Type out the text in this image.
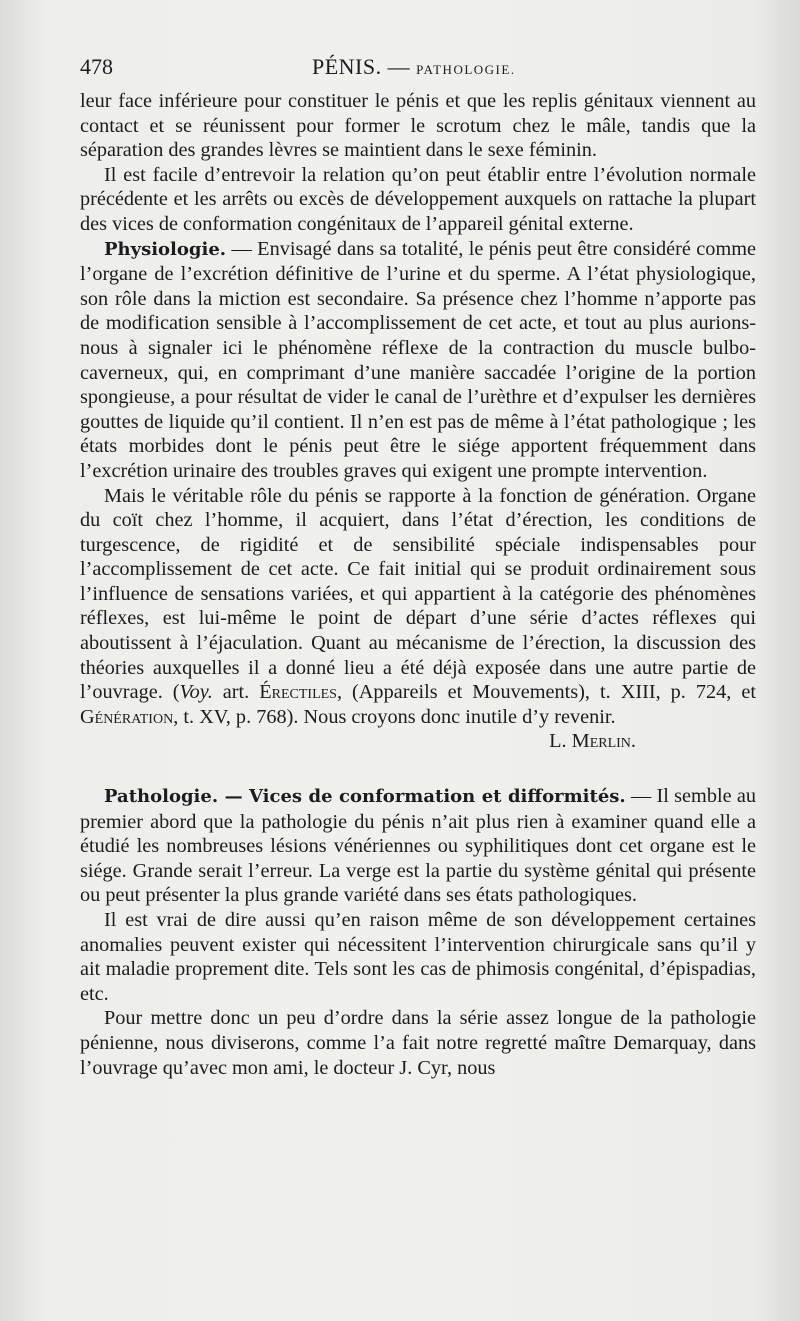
478	PÉNIS. — PATHOLOGIE.

leur face inférieure pour constituer le pénis et que les replis génitaux viennent au contact et se réunissent pour former le scrotum chez le mâle, tandis que la séparation des grandes lèvres se maintient dans le sexe féminin.

Il est facile d’entrevoir la relation qu’on peut établir entre l’évolution normale précédente et les arrêts ou excès de développement auxquels on rattache la plupart des vices de conformation congénitaux de l’appareil génital externe.

Physiologie. — Envisagé dans sa totalité, le pénis peut être considéré comme l’organe de l’excrétion définitive de l’urine et du sperme. A l’état physiologique, son rôle dans la miction est secondaire. Sa présence chez l’homme n’apporte pas de modification sensible à l’accomplissement de cet acte, et tout au plus aurions-nous à signaler ici le phénomène réflexe de la contraction du muscle bulbo-caverneux, qui, en comprimant d’une manière saccadée l’origine de la portion spongieuse, a pour résultat de vider le canal de l’urèthre et d’expulser les dernières gouttes de liquide qu’il contient. Il n’en est pas de même à l’état pathologique ; les états morbides dont le pénis peut être le siége apportent fréquemment dans l’excrétion urinaire des troubles graves qui exigent une prompte intervention.

Mais le véritable rôle du pénis se rapporte à la fonction de génération. Organe du coït chez l’homme, il acquiert, dans l’état d’érection, les conditions de turgescence, de rigidité et de sensibilité spéciale indispensables pour l’accomplissement de cet acte. Ce fait initial qui se produit ordinairement sous l’influence de sensations variées, et qui appartient à la catégorie des phénomènes réflexes, est lui-même le point de départ d’une série d’actes réflexes qui aboutissent à l’éjaculation. Quant au mécanisme de l’érection, la discussion des théories auxquelles il a donné lieu a été déjà exposée dans une autre partie de l’ouvrage. (Voy. art. Érectiles, (Appareils et Mouvements), t. XIII, p. 724, et Génération, t. XV, p. 768). Nous croyons donc inutile d’y revenir.

L. Merlin.

Pathologie. — Vices de conformation et difformités. — Il semble au premier abord que la pathologie du pénis n’ait plus rien à examiner quand elle a étudié les nombreuses lésions vénériennes ou syphilitiques dont cet organe est le siége. Grande serait l’erreur. La verge est la partie du système génital qui présente ou peut présenter la plus grande variété dans ses états pathologiques.

Il est vrai de dire aussi qu’en raison même de son développement certaines anomalies peuvent exister qui nécessitent l’intervention chirurgicale sans qu’il y ait maladie proprement dite. Tels sont les cas de phimosis congénital, d’épispadias, etc.

Pour mettre donc un peu d’ordre dans la série assez longue de la pathologie pénienne, nous diviserons, comme l’a fait notre regretté maître Demarquay, dans l’ouvrage qu’avec mon ami, le docteur J. Cyr, nous
